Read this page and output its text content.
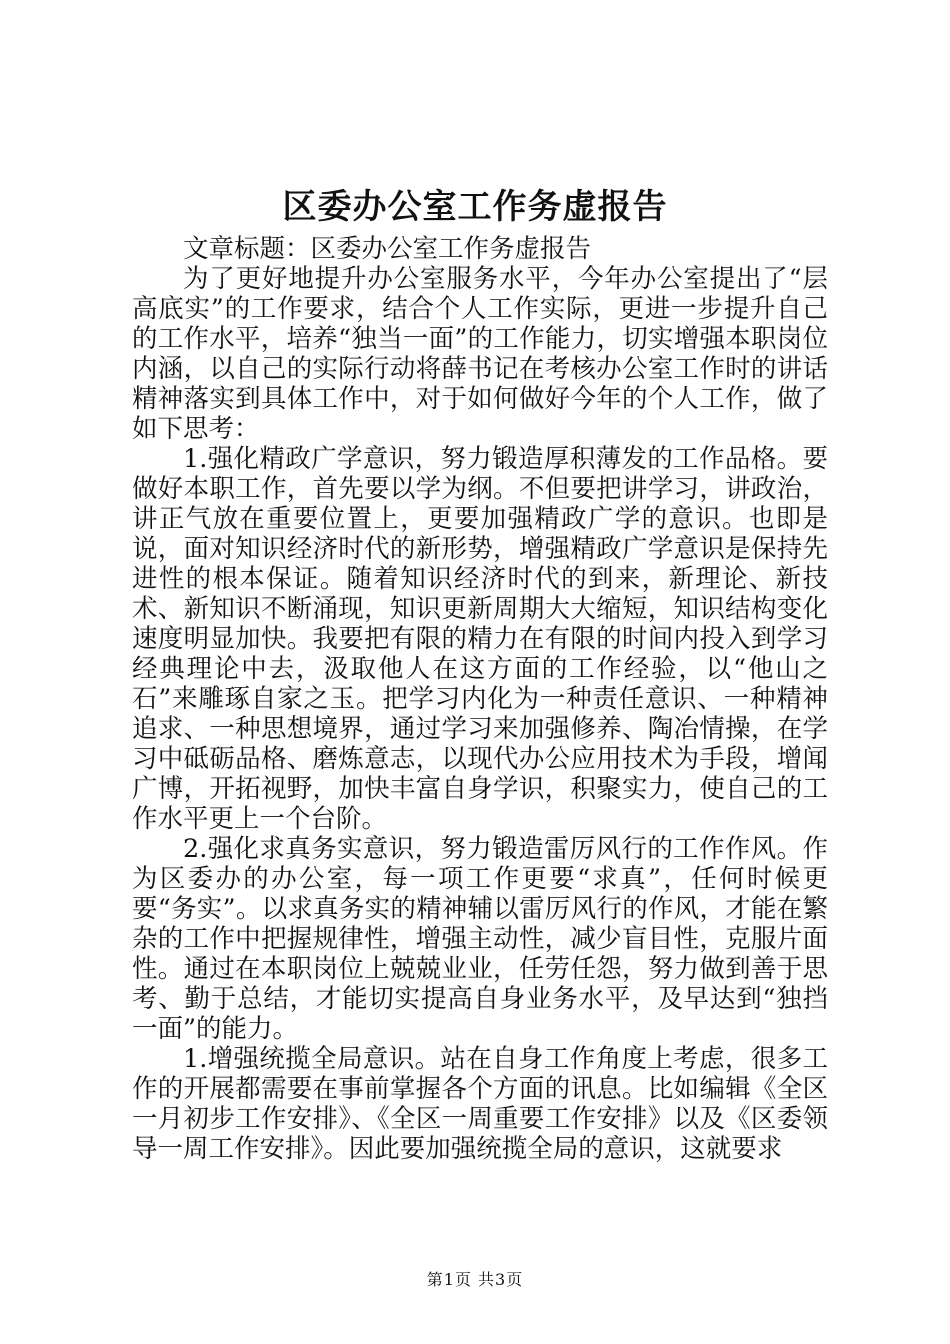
区委办公室工作务虚报告

文章标题：区委办公室工作务虚报告

为了更好地提升办公室服务水平，今年办公室提出了“层高底实”的工作要求，结合个人工作实际，更进一步提升自己的工作水平，培养“独当一面”的工作能力，切实增强本职岗位内涵，以自己的实际行动将薛书记在考核办公室工作时的讲话精神落实到具体工作中，对于如何做好今年的个人工作，做了如下思考：

1.强化精政广学意识，努力锻造厚积薄发的工作品格。要做好本职工作，首先要以学为纲。不但要把讲学习，讲政治，讲正气放在重要位置上，更要加强精政广学的意识。也即是说，面对知识经济时代的新形势，增强精政广学意识是保持先进性的根本保证。随着知识经济时代的到来，新理论、新技术、新知识不断涌现，知识更新周期大大缩短，知识结构变化速度明显加快。我要把有限的精力在有限的时间内投入到学习经典理论中去，汲取他人在这方面的工作经验，以“他山之石”来雕琢自家之玉。把学习内化为一种责任意识、一种精神追求、一种思想境界，通过学习来加强修养、陶冶情操，在学习中砥砺品格、磨炼意志，以现代办公应用技术为手段，增闻广博，开拓视野，加快丰富自身学识，积聚实力，使自己的工作水平更上一个台阶。

2.强化求真务实意识，努力锻造雷厉风行的工作作风。作为区委办的办公室，每一项工作更要“求真”，任何时候更要“务实”。以求真务实的精神辅以雷厉风行的作风，才能在繁杂的工作中把握规律性，增强主动性，减少盲目性，克服片面性。通过在本职岗位上兢兢业业，任劳任怨，努力做到善于思考、勤于总结，才能切实提高自身业务水平，及早达到“独挡一面”的能力。

1.增强统揽全局意识。站在自身工作角度上考虑，很多工作的开展都需要在事前掌握各个方面的讯息。比如编辑《全区一月初步工作安排》、《全区一周重要工作安排》以及《区委领导一周工作安排》。因此要加强统揽全局的意识，这就要求

第1页 共3页
